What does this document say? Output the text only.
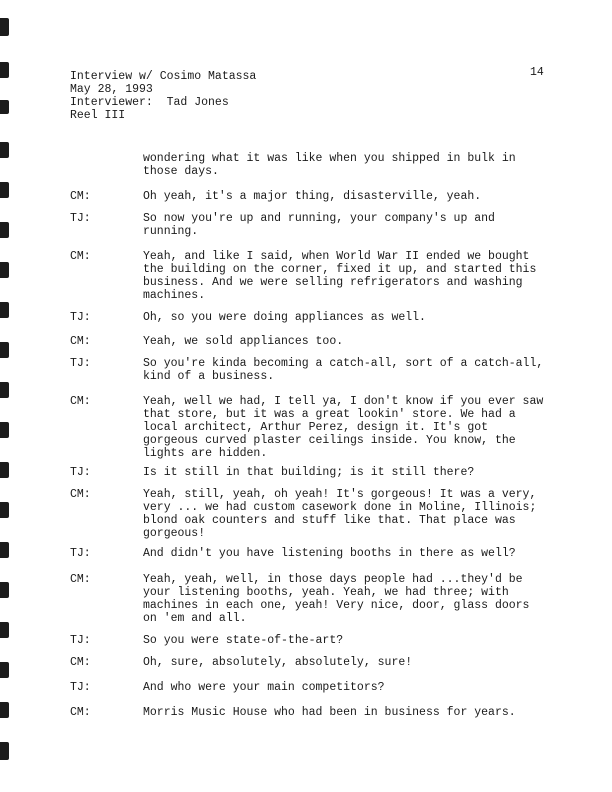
Interview w/ Cosimo Matassa
May 28, 1993
Interviewer:  Tad Jones
Reel III
14
wondering what it was like when you shipped in bulk in those days.
CM:	Oh yeah, it's a major thing, disasterville, yeah.
TJ:	So now you're up and running, your company's up and running.
CM:	Yeah, and like I said, when World War II ended we bought the building on the corner, fixed it up, and started this business. And we were selling refrigerators and washing machines.
TJ:	Oh, so you were doing appliances as well.
CM:	Yeah, we sold appliances too.
TJ:	So you're kinda becoming a catch-all, sort of a catch-all, kind of a business.
CM:	Yeah, well we had, I tell ya, I don't know if you ever saw that store, but it was a great lookin' store. We had a local architect, Arthur Perez, design it. It's got gorgeous curved plaster ceilings inside. You know, the lights are hidden.
TJ:	Is it still in that building; is it still there?
CM:	Yeah, still, yeah, oh yeah! It's gorgeous! It was a very, very ... we had custom casework done in Moline, Illinois; blond oak counters and stuff like that. That place was gorgeous!
TJ:	And didn't you have listening booths in there as well?
CM:	Yeah, yeah, well, in those days people had ...they'd be your listening booths, yeah. Yeah, we had three; with machines in each one, yeah! Very nice, door, glass doors on 'em and all.
TJ:	So you were state-of-the-art?
CM:	Oh, sure, absolutely, absolutely, sure!
TJ:	And who were your main competitors?
CM:	Morris Music House who had been in business for years.
